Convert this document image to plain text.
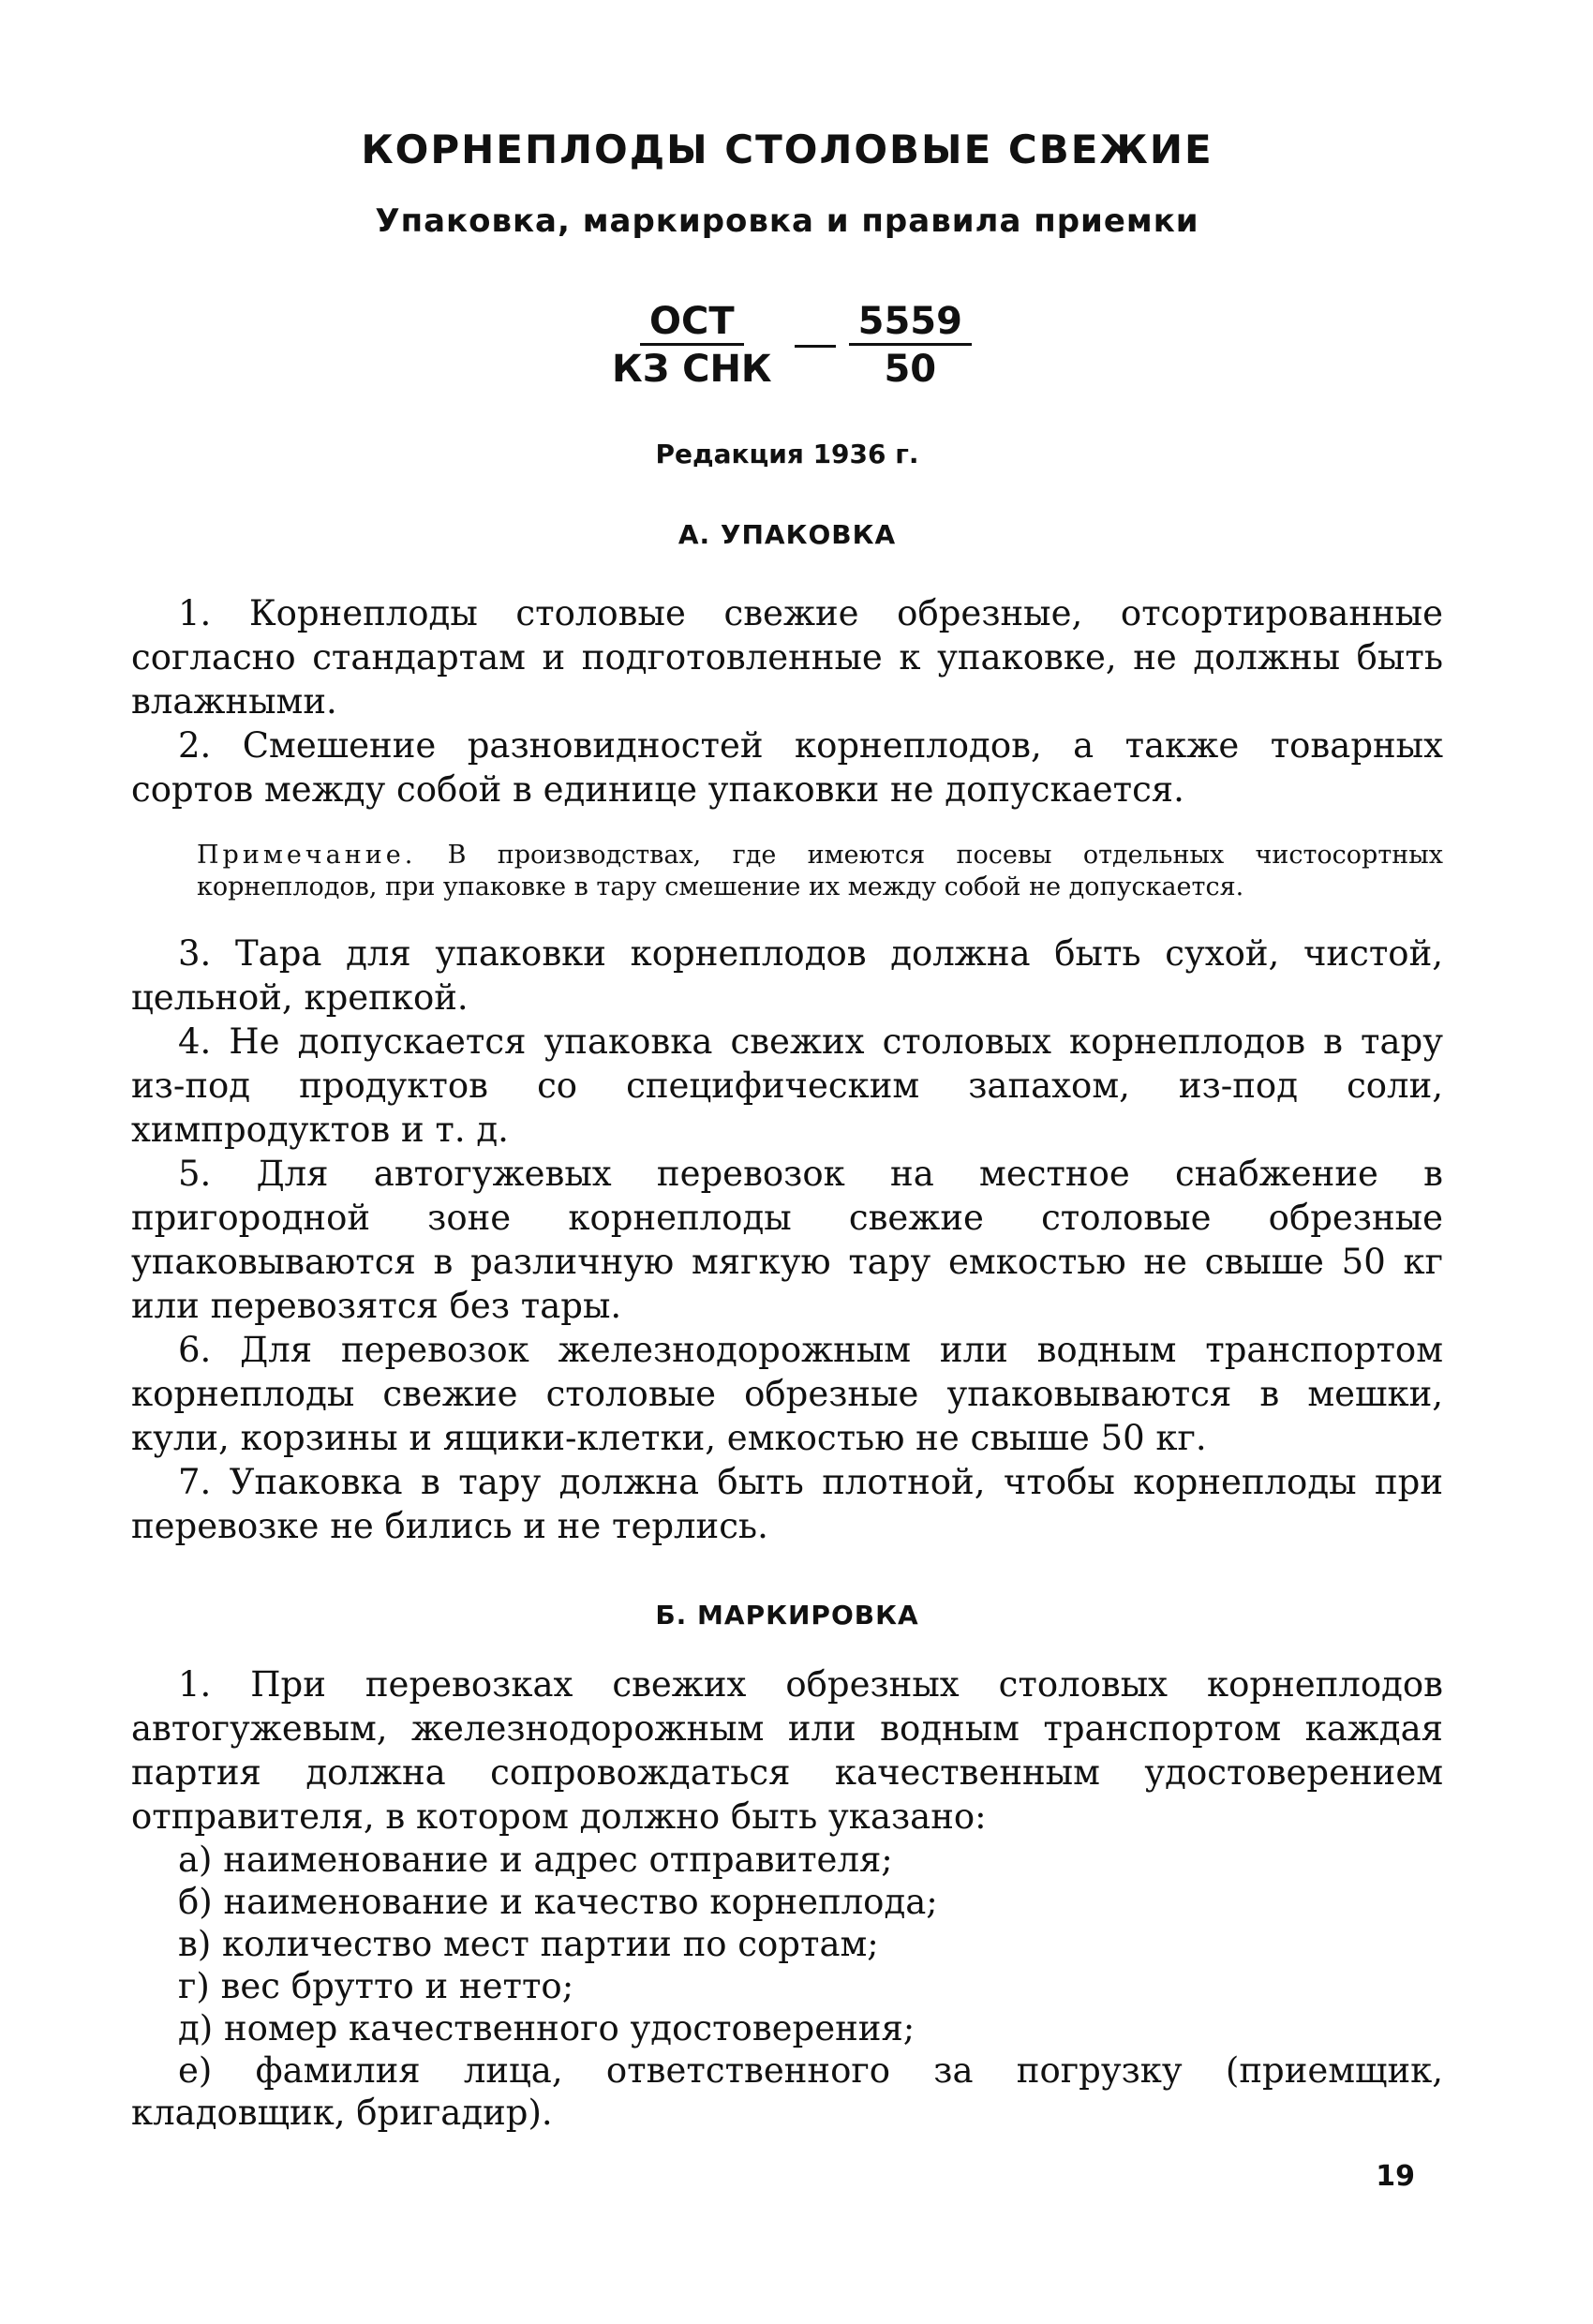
КОРНЕПЛОДЫ СТОЛОВЫЕ СВЕЖИЕ
Упаковка, маркировка и правила приемки
$\frac{\text{ОСТ}}{\text{КЗ СНК}} \frac{5559}{50}$
Редакция 1936 г.
А. УПАКОВКА

1. Корнеплоды столовые свежие обрезные, отсортированные согласно стандартам и подготовленные к упаковке, не должны быть влажными.

2. Смешение разновидностей корнеплодов, а также товарных сортов между собой в единице упаковки не допускается.

Примечание. В производствах, где имеются посевы отдельных чистосортных корнеплодов, при упаковке в тару смешение их между собой не допускается.

3. Тара для упаковки корнеплодов должна быть сухой, чистой, цельной, крепкой.

4. Не допускается упаковка свежих столовых корнеплодов в тару из-под продуктов со специфическим запахом, из-под соли, химпродуктов и т. д.

5. Для автогужевых перевозок на местное снабжение в пригородной зоне корнеплоды свежие столовые обрезные упаковываются в различную мягкую тару емкостью не свыше 50 кг или перевозятся без тары.

6. Для перевозок железнодорожным или водным транспортом корнеплоды свежие столовые обрезные упаковываются в мешки, кули, корзины и ящики-клетки, емкостью не свыше 50 кг.

7. Упаковка в тару должна быть плотной, чтобы корнеплоды при перевозке не бились и не терлись.

Б. МАРКИРОВКА

1. При перевозках свежих обрезных столовых корнеплодов автогужевым, железнодорожным или водным транспортом каждая партия должна сопровождаться качественным удостоверением отправителя, в котором должно быть указано:

а) наименование и адрес отправителя;

б) наименование и качество корнеплода;

в) количество мест партии по сортам;

г) вес брутто и нетто;

д) номер качественного удостоверения;

е) фамилия лица, ответственного за погрузку (приемщик, кладовщик, бригадир).

19
